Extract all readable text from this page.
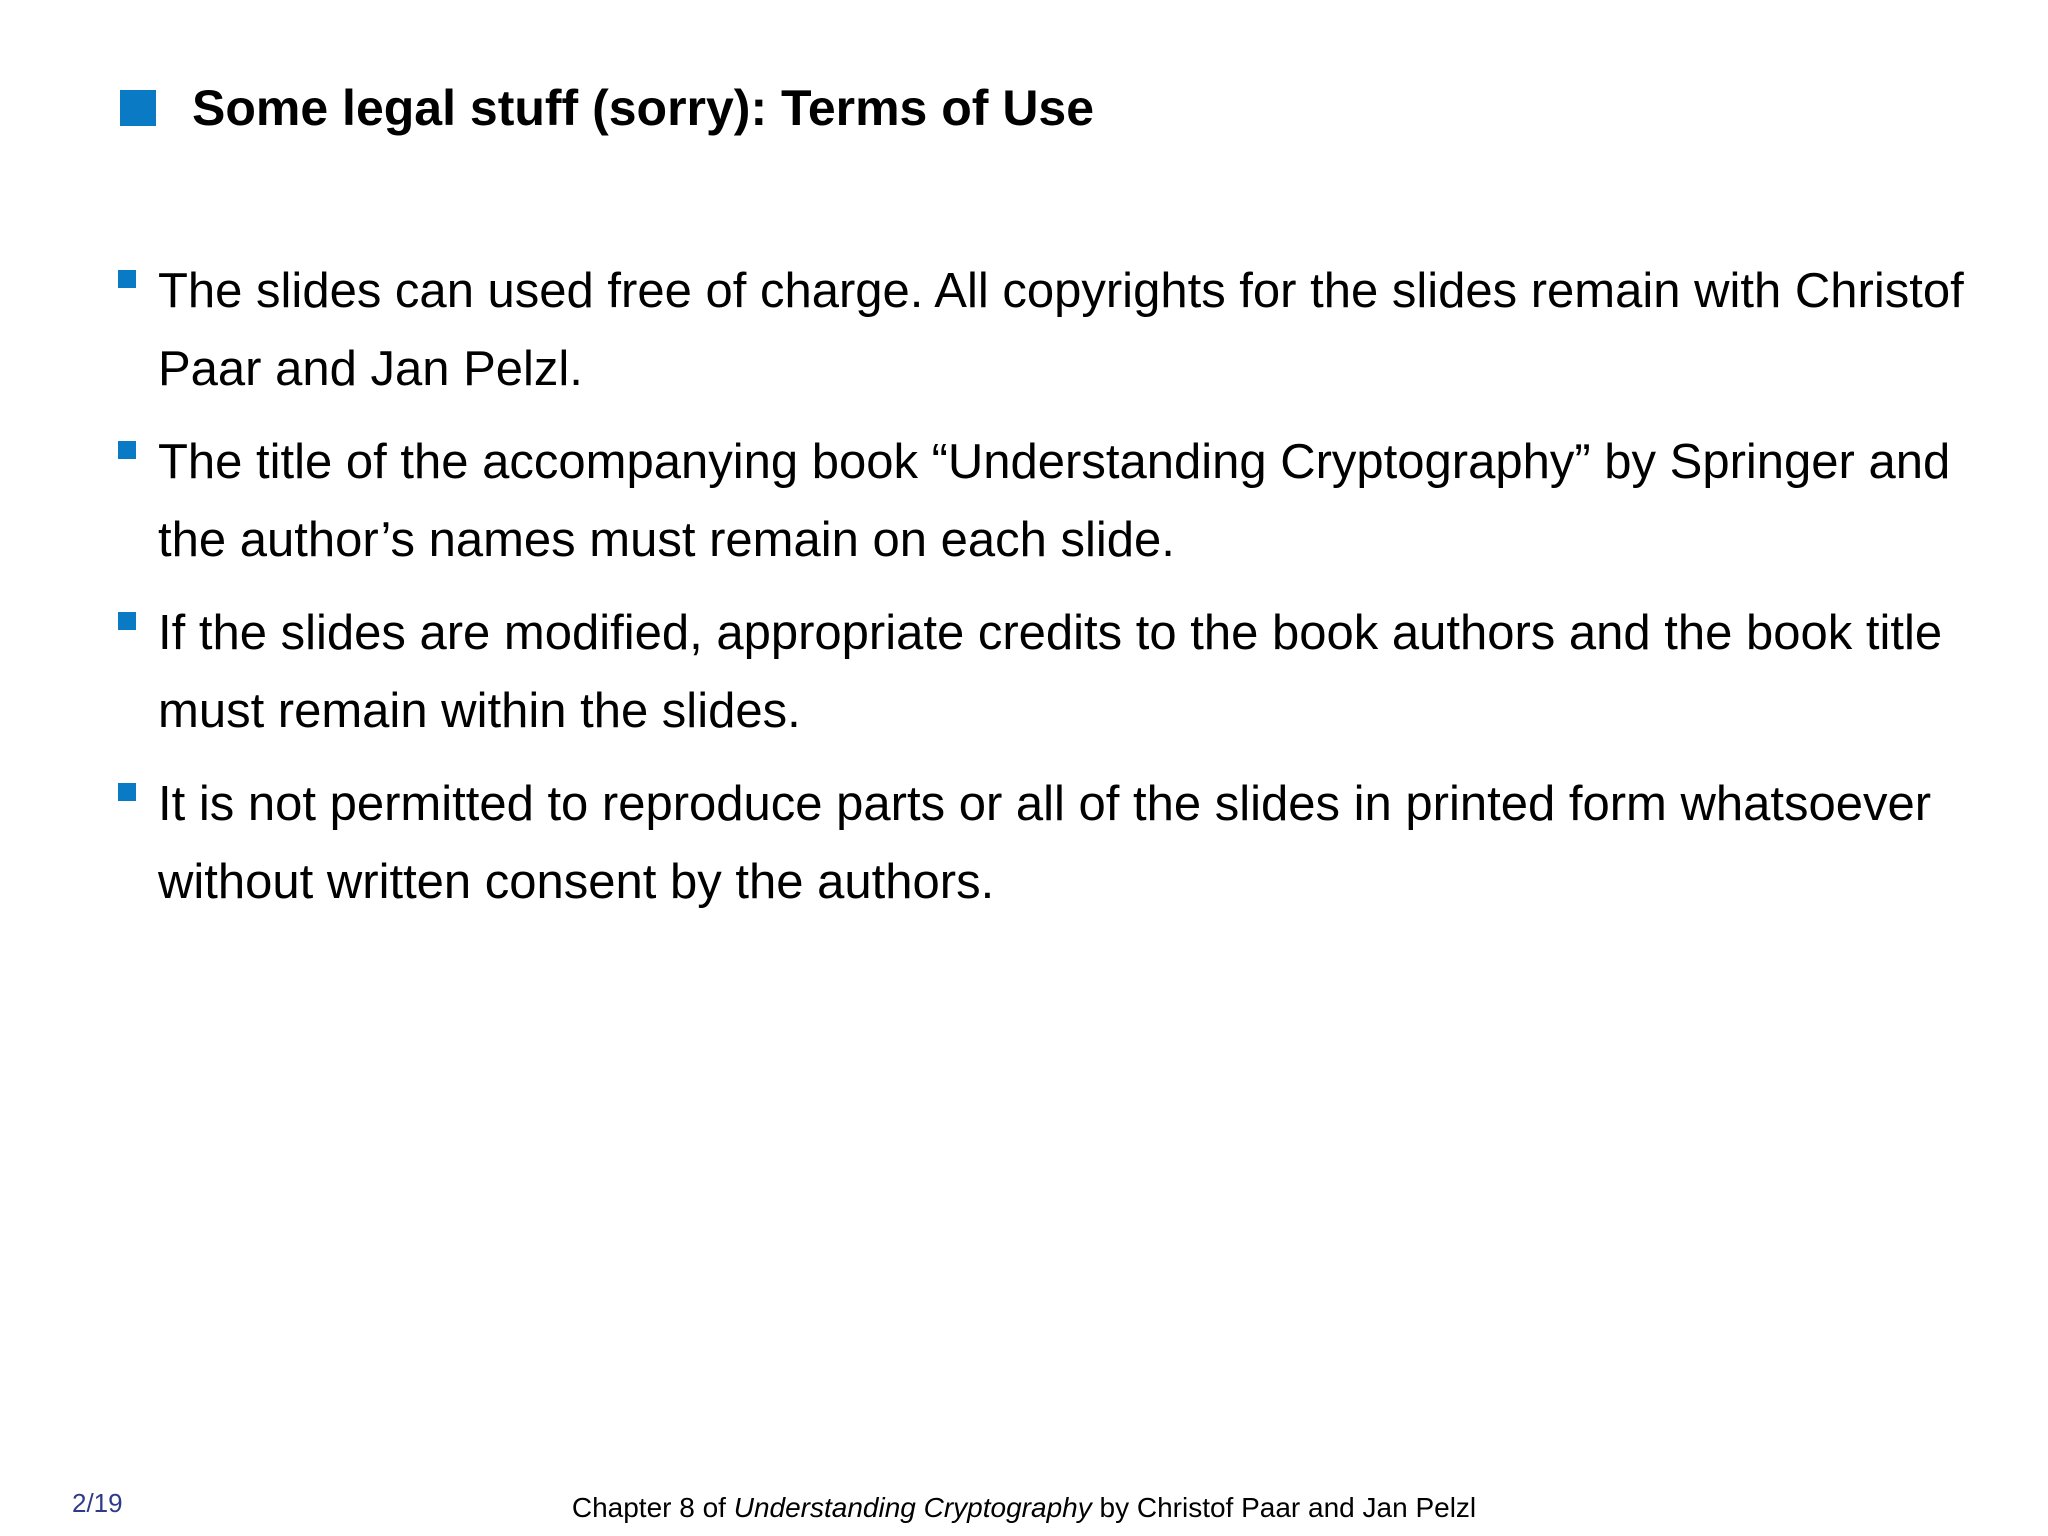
Some legal stuff (sorry): Terms of Use
The slides can used free of charge. All copyrights for the slides remain with Christof Paar and Jan Pelzl.
The title of the accompanying book “Understanding Cryptography” by Springer and the author’s names must remain on each slide.
If the slides are modified, appropriate credits to the book authors and the book title must remain within the slides.
It is not permitted to reproduce parts or all of the slides in printed form whatsoever without written consent by the authors.
2/19	Chapter 8 of Understanding Cryptography by Christof Paar and Jan Pelzl
